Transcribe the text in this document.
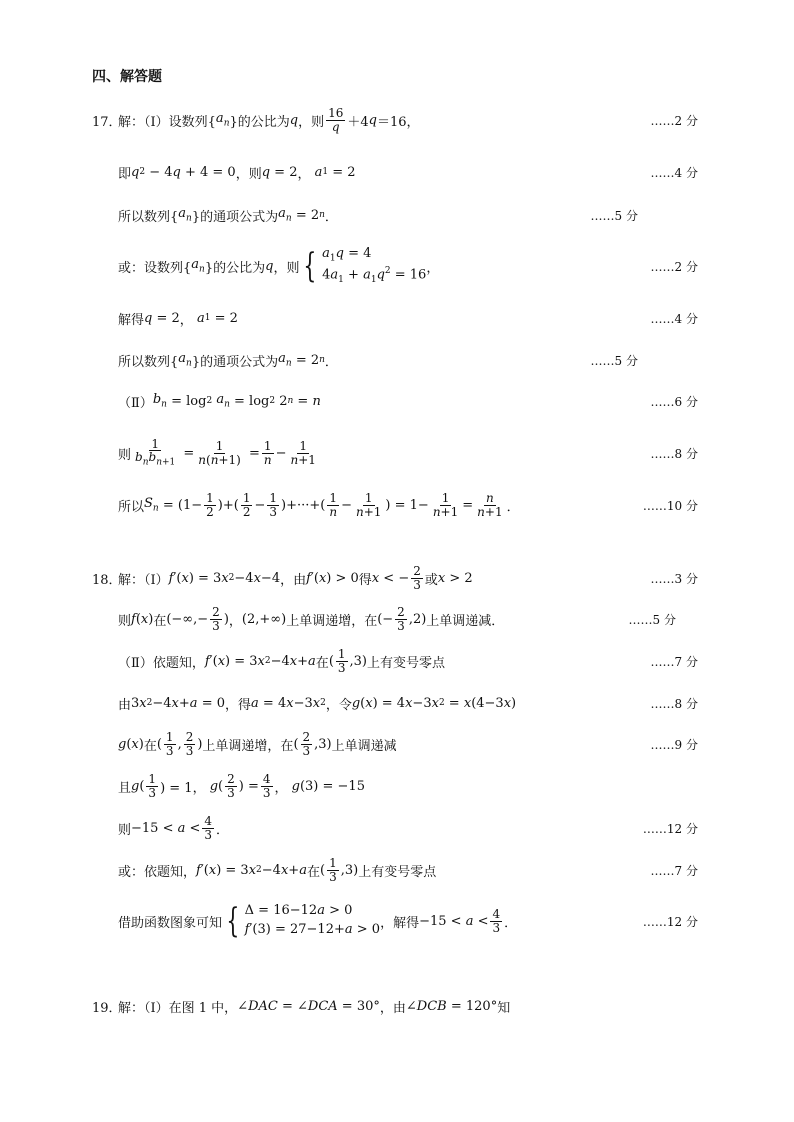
四、解答题
17．
解：（Ⅰ）设数列{ $a_n$ }的公比为 q ，则 $\frac{16}{q} +4$ q ＝16，	……2 分
即 q 2 − 4 q + 4 = 0 ，则 q = 2 ，
a 1 = 2	……4 分
所以数列{ $a_n$ }的通项公式为 $a_n = 2$ n ．	……5 分
或：设数列{ $a_n$ }的公比为 q ，则 { $a_1q = 4$
$4a_1 + a_1q^2 = 16$ ，	……2 分
解得 q = 2 ，
a 1 = 2	……4 分
所以数列{ $a_n$ }的通项公式为 $a_n = 2$ n ．	……5 分
（Ⅱ） $b_n = \log 2$
$a_n = \log 2$ 2 n = n	……6 分
则 $\frac{1}{b_nb_{n+1}} = \frac{1}{n(n+1)} = \frac{1}{n} - \frac{1}{n+1}$	……8 分
所以 $S_n = (1- \frac{1}{2}$ )+( $\frac{1}{2} - \frac{1}{3}$ )+···+( $\frac{1}{n} - \frac{1}{n+1}$ ) = $1- \frac{1}{n+1} = \frac{n}{n+1}$ ．	……10 分
18．
解：（Ⅰ） f ′( x ) = 3 x 2 −4 x −4 ，由 f ′( x ) > 0 得 x < − $\frac{2}{3}$ 或 x > 2	……3 分
则 f ( x ) 在 (−∞,− $\frac{2}{3}$ ) ， (2,+∞) 上单调递增，在 (− $\frac{2}{3} ,2$) 上单调递减．	……5 分
（Ⅱ）依题知， f ′( x ) = 3 x 2 −4 x + a 在 ( $\frac{1}{3} ,3$) 上有变号零点	……7 分
由 3 x 2 −4 x + a = 0 ，得 a = 4 x −3 x 2 ，令 g ( x ) = 4 x −3 x 2 = x (4−3 x )	……8 分
g ( x ) 在 ( $\frac{1}{3}$ , $\frac{2}{3}$ ) 上单调递增，在 ( $\frac{2}{3} ,3$) 上单调递减	……9 分
且 g ( $\frac{1}{3}$ ) = 1， g ( $\frac{2}{3}$ ) = $\frac{4}{3}$ ， g (3) = −15
则 $-15 < a < \frac{4}{3}$ ．	……12 分
或：依题知， f ′( x ) = 3 x 2 −4 x + a 在 ( $\frac{1}{3} ,3$) 上有变号零点	……7 分
借助函数图象可知 { Δ = 16−12a > 0
f′(3) = 27−12+a > 0 ，解得 $-15 < a < \frac{4}{3}$ ．	……12 分
19．
解：（Ⅰ）在图 1 中， ∠ DAC = ∠ DCA = 30° ，由 ∠ DCB = 120° 知
